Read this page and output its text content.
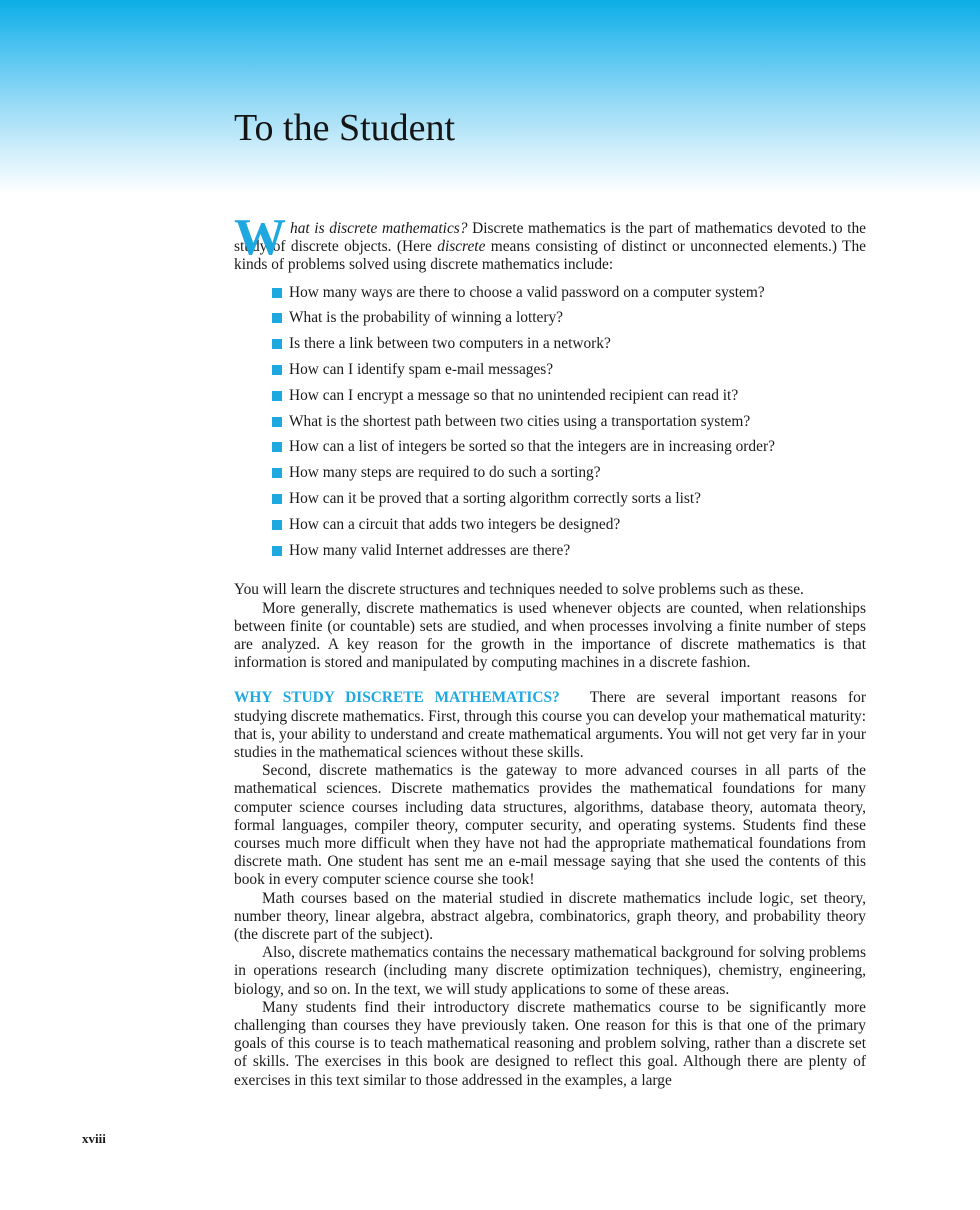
To the Student

W hat is discrete mathematics? Discrete mathematics is the part of mathematics devoted to the study of discrete objects. (Here discrete means consisting of distinct or unconnected elements.) The kinds of problems solved using discrete mathematics include:

How many ways are there to choose a valid password on a computer system?
What is the probability of winning a lottery?
Is there a link between two computers in a network?
How can I identify spam e-mail messages?
How can I encrypt a message so that no unintended recipient can read it?
What is the shortest path between two cities using a transportation system?
How can a list of integers be sorted so that the integers are in increasing order?
How many steps are required to do such a sorting?
How can it be proved that a sorting algorithm correctly sorts a list?
How can a circuit that adds two integers be designed?
How many valid Internet addresses are there?

You will learn the discrete structures and techniques needed to solve problems such as these.

More generally, discrete mathematics is used whenever objects are counted, when relationships between finite (or countable) sets are studied, and when processes involving a finite number of steps are analyzed. A key reason for the growth in the importance of discrete mathematics is that information is stored and manipulated by computing machines in a discrete fashion.

WHY STUDY DISCRETE MATHEMATICS? There are several important reasons for studying discrete mathematics. First, through this course you can develop your mathematical maturity: that is, your ability to understand and create mathematical arguments. You will not get very far in your studies in the mathematical sciences without these skills.

Second, discrete mathematics is the gateway to more advanced courses in all parts of the mathematical sciences. Discrete mathematics provides the mathematical foundations for many computer science courses including data structures, algorithms, database theory, automata theory, formal languages, compiler theory, computer security, and operating systems. Students find these courses much more difficult when they have not had the appropriate mathematical foundations from discrete math. One student has sent me an e-mail message saying that she used the contents of this book in every computer science course she took!

Math courses based on the material studied in discrete mathematics include logic, set theory, number theory, linear algebra, abstract algebra, combinatorics, graph theory, and probability theory (the discrete part of the subject).

Also, discrete mathematics contains the necessary mathematical background for solving problems in operations research (including many discrete optimization techniques), chemistry, engineering, biology, and so on. In the text, we will study applications to some of these areas.

Many students find their introductory discrete mathematics course to be significantly more challenging than courses they have previously taken. One reason for this is that one of the primary goals of this course is to teach mathematical reasoning and problem solving, rather than a discrete set of skills. The exercises in this book are designed to reflect this goal. Although there are plenty of exercises in this text similar to those addressed in the examples, a large

xviii
